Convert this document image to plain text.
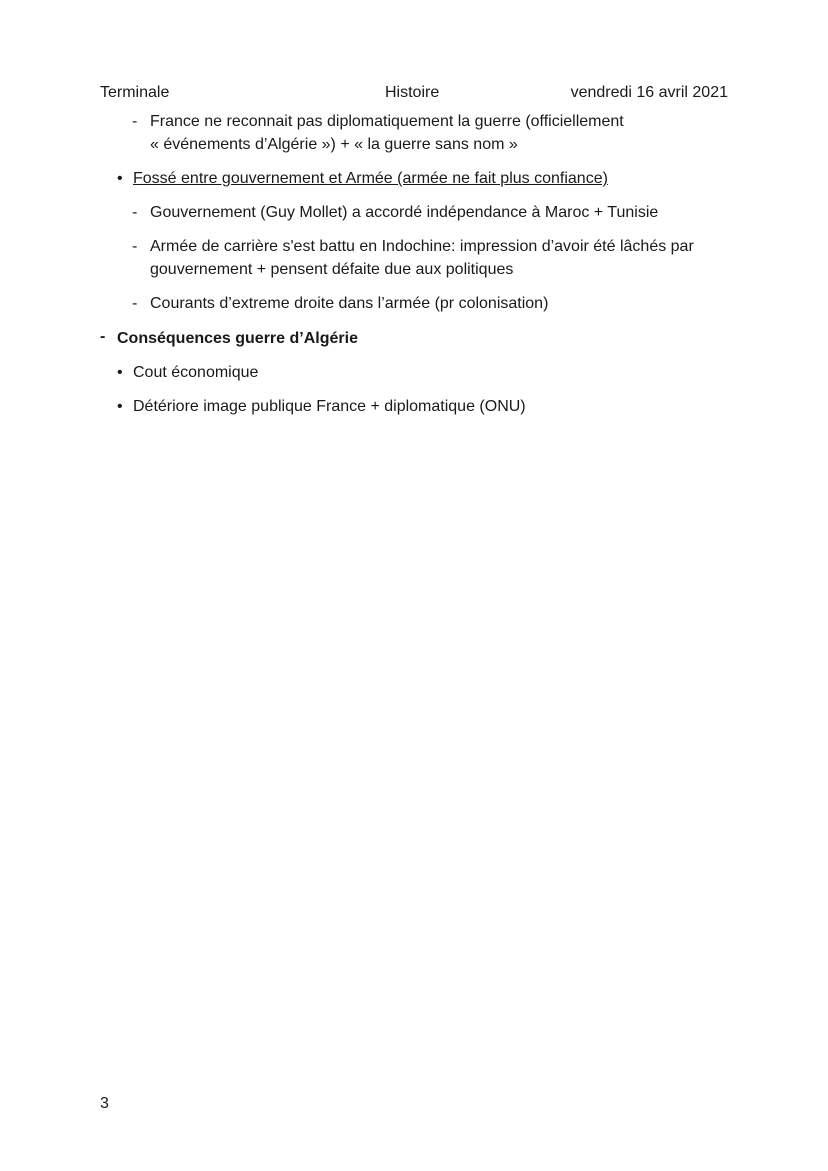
Terminale	Histoire	vendredi 16 avril 2021
- France ne reconnait pas diplomatiquement la guerre (officiellement
« événements d’Algérie ») + « la guerre sans nom »
• Fossé entre gouvernement et Armée (armée ne fait plus confiance)
- Gouvernement (Guy Mollet) a accordé indépendance à Maroc + Tunisie
- Armée de carrière s'est battu en Indochine: impression d’avoir été lâchés par
gouvernement + pensent défaite due aux politiques
- Courants d’extreme droite dans l’armée (pr colonisation)
- Conséquences guerre d’Algérie
• Cout économique
• Détériore image publique France + diplomatique (ONU)
3
